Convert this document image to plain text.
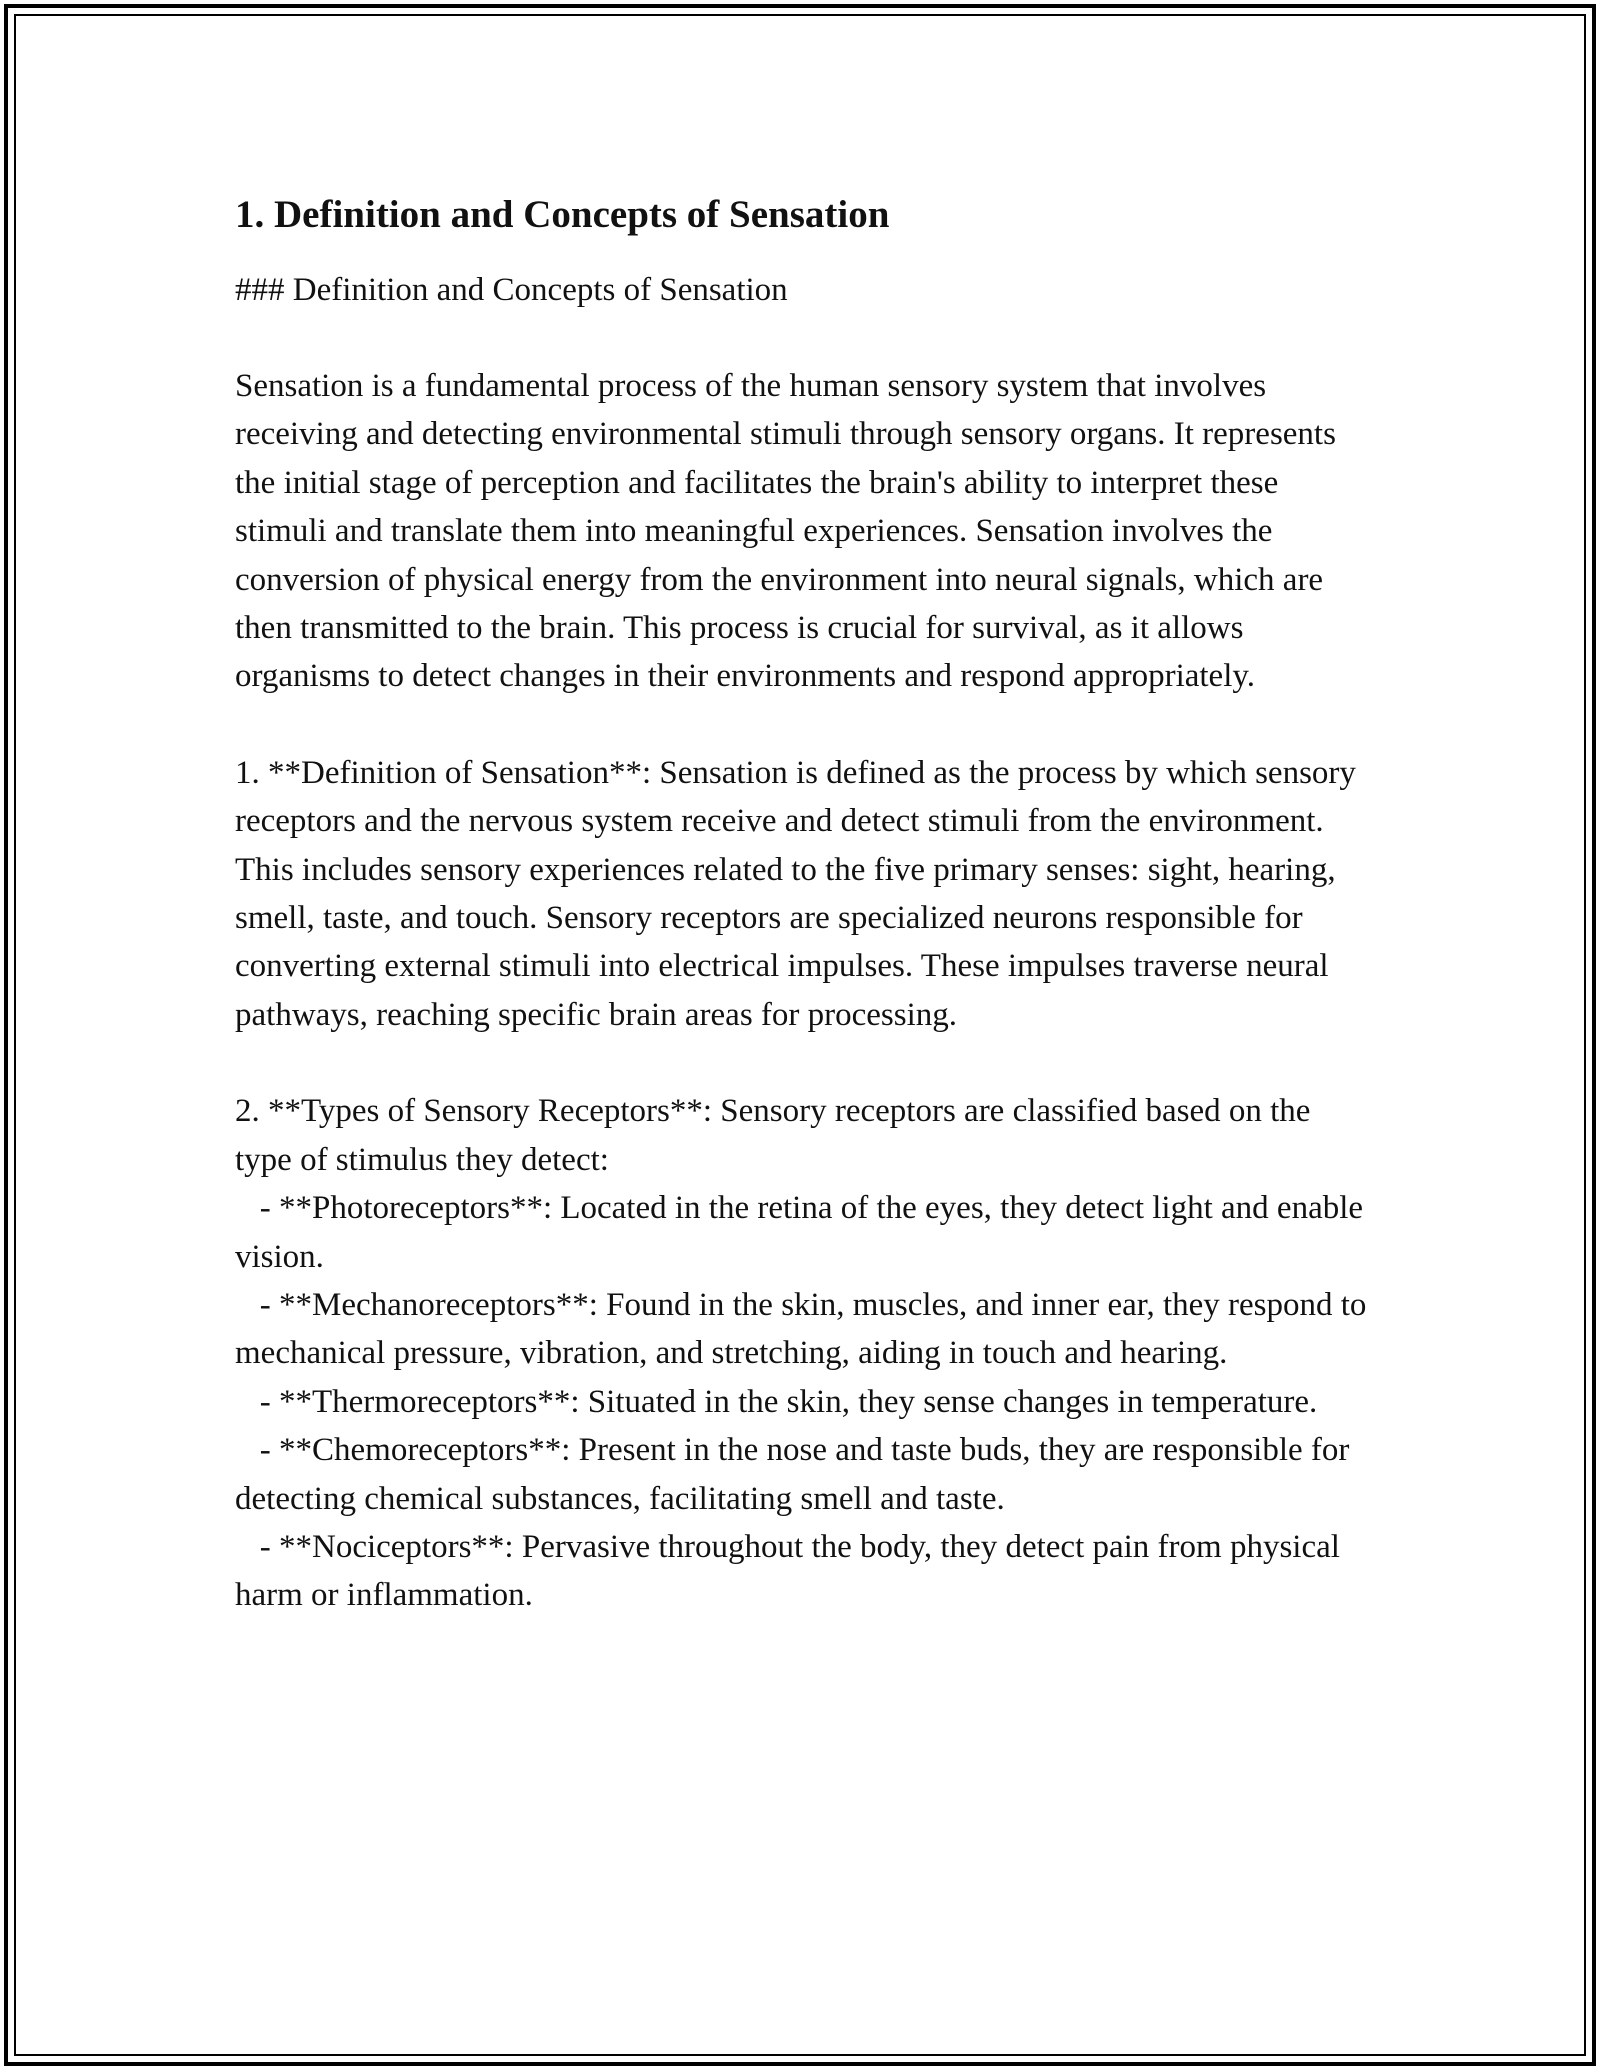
1. Definition and Concepts of Sensation

### Definition and Concepts of Sensation

Sensation is a fundamental process of the human sensory system that involves receiving and detecting environmental stimuli through sensory organs. It represents the initial stage of perception and facilitates the brain's ability to interpret these stimuli and translate them into meaningful experiences. Sensation involves the conversion of physical energy from the environment into neural signals, which are then transmitted to the brain. This process is crucial for survival, as it allows organisms to detect changes in their environments and respond appropriately.

1. **Definition of Sensation**: Sensation is defined as the process by which sensory receptors and the nervous system receive and detect stimuli from the environment. This includes sensory experiences related to the five primary senses: sight, hearing, smell, taste, and touch. Sensory receptors are specialized neurons responsible for converting external stimuli into electrical impulses. These impulses traverse neural pathways, reaching specific brain areas for processing.

2. **Types of Sensory Receptors**: Sensory receptors are classified based on the type of stimulus they detect:
- **Photoreceptors**: Located in the retina of the eyes, they detect light and enable vision.
- **Mechanoreceptors**: Found in the skin, muscles, and inner ear, they respond to mechanical pressure, vibration, and stretching, aiding in touch and hearing.
- **Thermoreceptors**: Situated in the skin, they sense changes in temperature.
- **Chemoreceptors**: Present in the nose and taste buds, they are responsible for detecting chemical substances, facilitating smell and taste.
- **Nociceptors**: Pervasive throughout the body, they detect pain from physical harm or inflammation.
